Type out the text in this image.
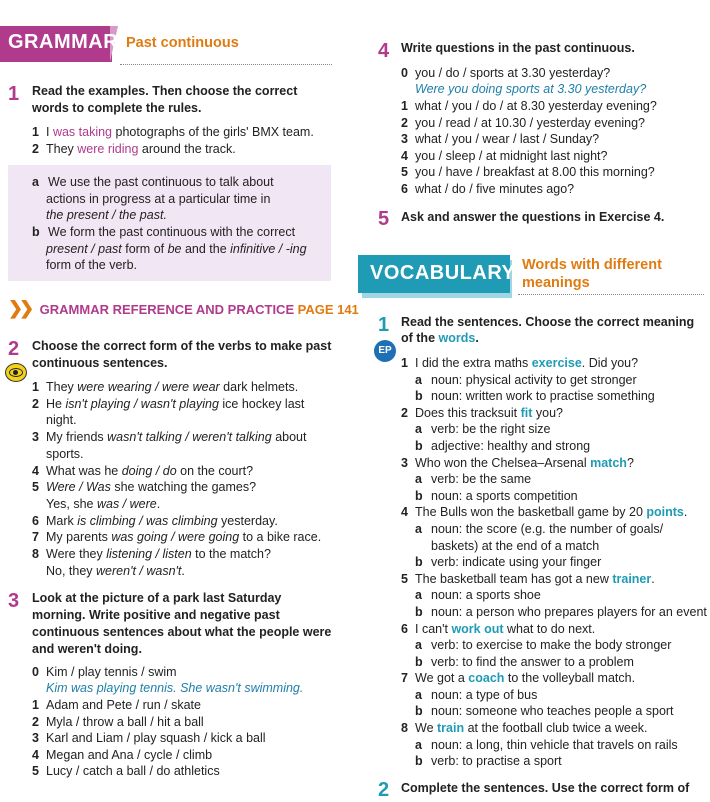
GRAMMAR Past continuous
1 Read the examples. Then choose the correct
words to complete the rules.
1 I was taking photographs of the girls' BMX team.
2 They were riding around the track.
a We use the past continuous to talk about
actions in progress at a particular time in
the present / the past.
b We form the past continuous with the correct
present / past form of be and the infinitive / -ing
form of the verb.
❯❯ GRAMMAR REFERENCE AND PRACTICE PAGE 141
2 Choose the correct form of the verbs to make past
continuous sentences.
1 They were wearing / were wear dark helmets.
2 He isn't playing / wasn't playing ice hockey last
night.
3 My friends wasn't talking / weren't talking about
sports.
4 What was he doing / do on the court?
5 Were / Was she watching the games?
Yes, she was / were.
6 Mark is climbing / was climbing yesterday.
7 My parents was going / were going to a bike race.
8 Were they listening / listen to the match?
No, they weren't / wasn't.
3 Look at the picture of a park last Saturday
morning. Write positive and negative past
continuous sentences about what the people were
and weren't doing.
0 Kim / play tennis / swim
Kim was playing tennis. She wasn't swimming.
1 Adam and Pete / run / skate
2 Myla / throw a ball / hit a ball
3 Karl and Liam / play squash / kick a ball
4 Megan and Ana / cycle / climb
5 Lucy / catch a ball / do athletics
4 Write questions in the past continuous.
0 you / do / sports at 3.30 yesterday?
Were you doing sports at 3.30 yesterday?
1 what / you / do / at 8.30 yesterday evening?
2 you / read / at 10.30 / yesterday evening?
3 what / you / wear / last / Sunday?
4 you / sleep / at midnight last night?
5 you / have / breakfast at 8.00 this morning?
6 what / do / five minutes ago?
5 Ask and answer the questions in Exercise 4.
VOCABULARY Words with different
meanings
1
EP
Read the sentences. Choose the correct meaning
of the words.
1 I did the extra maths exercise. Did you?
a noun: physical activity to get stronger
b noun: written work to practise something
2 Does this tracksuit fit you?
a verb: be the right size
b adjective: healthy and strong
3 Who won the Chelsea–Arsenal match?
a verb: be the same
b noun: a sports competition
4 The Bulls won the basketball game by 20 points.
a noun: the score (e.g. the number of goals/
baskets) at the end of a match
b verb: indicate using your finger
5 The basketball team has got a new trainer.
a noun: a sports shoe
b noun: a person who prepares players for an event
6 I can't work out what to do next.
a verb: to exercise to make the body stronger
b verb: to find the answer to a problem
7 We got a coach to the volleyball match.
a noun: a type of bus
b noun: someone who teaches people a sport
8 We train at the football club twice a week.
a noun: a long, thin vehicle that travels on rails
b verb: to practise a sport
2 Complete the sentences. Use the correct form of
